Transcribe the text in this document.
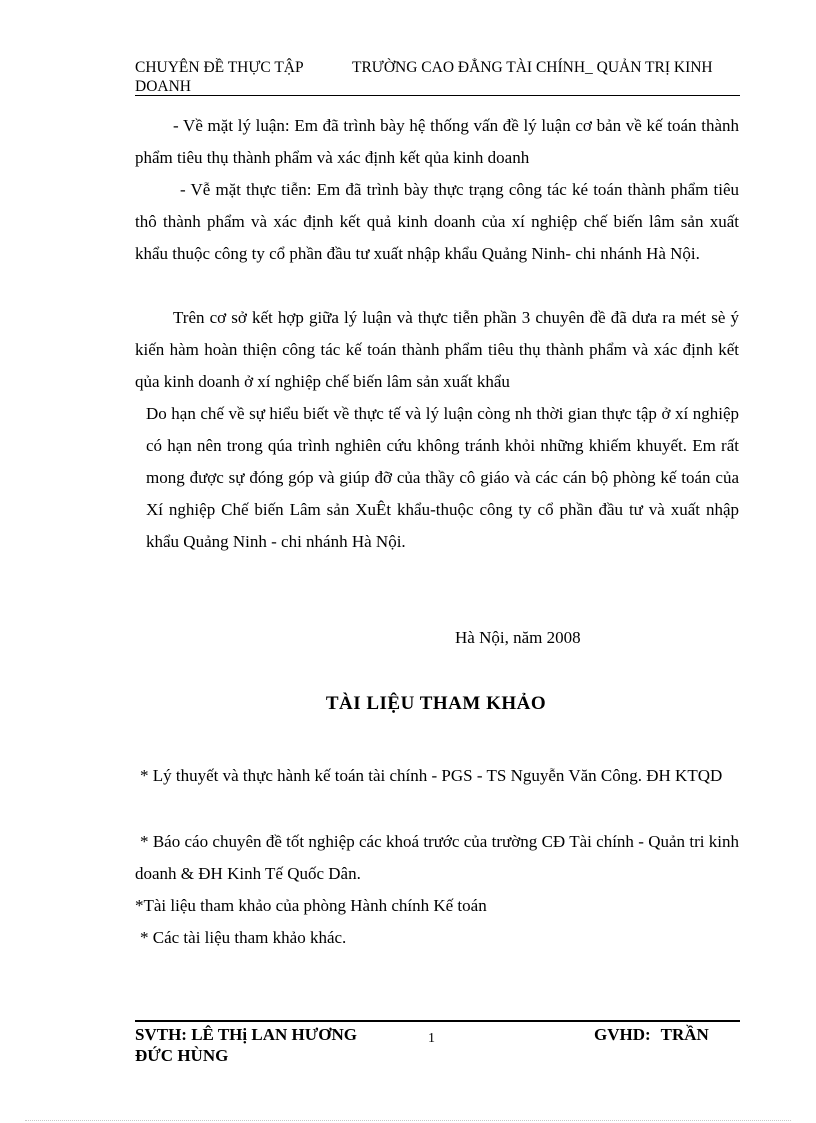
CHUYÊN ĐỀ THỰC TẬP	TRƯỜNG CAO ĐẲNG TÀI CHÍNH_ QUẢN TRỊ KINH
DOANH
- Về mặt lý luận: Em đã trình bày hệ thống vấn đề lý luận cơ bản về kế toán thành phẩm tiêu thụ thành phẩm và xác định kết qủa kinh doanh
- Vễ mặt thực tiễn: Em đã trình bày thực trạng công tác ké toán thành phẩm tiêu thô thành phẩm và xác định kết quả kinh doanh của xí nghiệp chế biến lâm sản xuất khẩu thuộc công ty cổ phần đầu tư xuất nhập khẩu Quảng Ninh- chi nhánh Hà Nội.
Trên cơ sở kết hợp giữa lý luận và thực tiễn phần 3 chuyên đề đã dưa ra mét sè ý kiến hàm hoàn thiện công tác kế toán thành phẩm tiêu thụ thành phẩm và xác định kết qủa kinh doanh ở xí nghiệp chế biến lâm sản xuất khẩu
Do hạn chế về sự hiểu biết về thực tế và lý luận còng nh thời gian thực tập ở xí nghiệp có hạn nên trong qúa trình nghiên cứu không tránh khỏi những khiếm khuyết. Em rất mong được sự đóng góp và giúp đỡ của thầy cô giáo và các cán bộ phòng kế toán của Xí nghiệp Chế biến Lâm sản XuÊt khẩu-thuộc công ty cổ phần đầu tư và xuất nhập khẩu Quảng Ninh - chi nhánh Hà Nội.
Hà Nội, năm 2008
TÀI LIỆU THAM KHẢO
* Lý thuyết và thực hành kế toán tài chính - PGS - TS Nguyễn Văn Công. ĐH KTQD
* Báo cáo chuyên đề tốt nghiệp các khoá trước của trường CĐ Tài chính - Quản tri kinh doanh & ĐH Kinh Tế Quốc Dân.
*Tài liệu tham khảo của phòng Hành chính Kế toán
* Các tài liệu tham khảo khác.
SVTH: LÊ THị LAN HƯƠNG	1	GVHD: TRẦN
ĐỨC HÙNG
